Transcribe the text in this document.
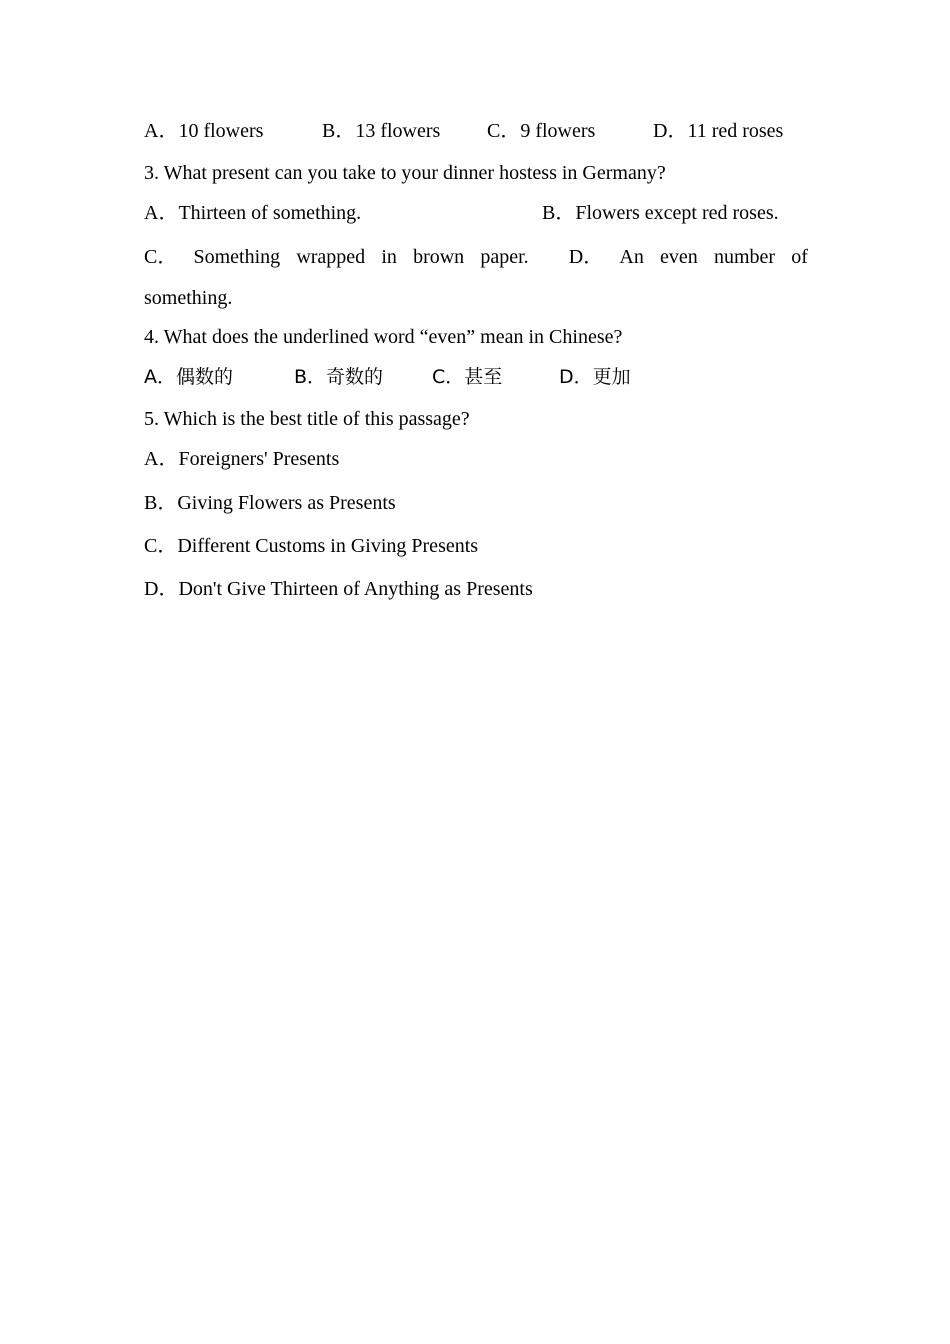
A．10 flowers	B．13 flowers C．9 flowers	D．11 red roses
3. What present can you take to your dinner hostess in Germany?
A．Thirteen of something.	B．Flowers except red roses.
C． Something wrapped in brown paper. D． An even number of
something.
4. What does the underlined word “even” mean in Chinese?
A．偶数的	B．奇数的	C．甚至	D．更加
5. Which is the best title of this passage?
A．Foreigners' Presents
B．Giving Flowers as Presents
C．Different Customs in Giving Presents
D．Don't Give Thirteen of Anything as Presents
